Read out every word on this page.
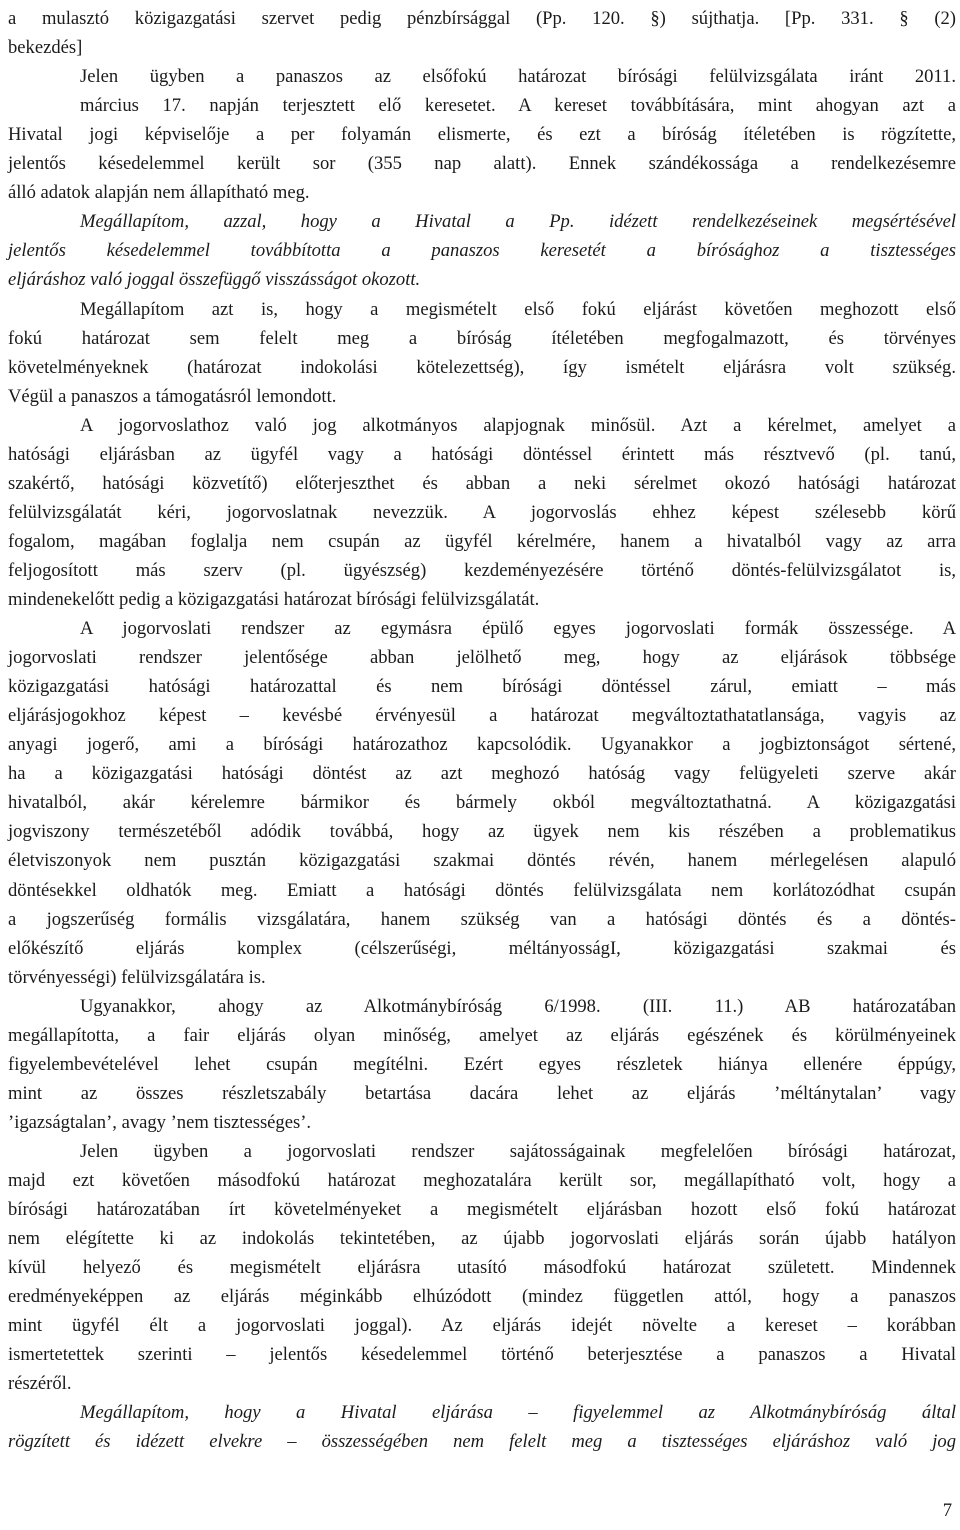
a mulasztó közigazgatási szervet pedig pénzbírsággal (Pp. 120. §) sújthatja. [Pp. 331. § (2)
bekezdés]
Jelen ügyben a panaszos az elsőfokú határozat bírósági felülvizsgálata iránt 2011.
március 17. napján terjesztett elő keresetet. A kereset továbbítására, mint ahogyan azt a
Hivatal jogi képviselője a per folyamán elismerte, és ezt a bíróság ítéletében is rögzítette,
jelentős késedelemmel került sor (355 nap alatt). Ennek szándékossága a rendelkezésemre
álló adatok alapján nem állapítható meg.
Megállapítom, azzal, hogy a Hivatal a Pp. idézett rendelkezéseinek megsértésével
jelentős késedelemmel továbbította a panaszos keresetét a bírósághoz a tisztességes
eljáráshoz való joggal összefüggő visszásságot okozott.
Megállapítom azt is, hogy a megismételt első fokú eljárást követően meghozott első
fokú határozat sem felelt meg a bíróság ítéletében megfogalmazott, és törvényes
követelményeknek (határozat indokolási kötelezettség), így ismételt eljárásra volt szükség.
Végül a panaszos a támogatásról lemondott.
A jogorvoslathoz való jog alkotmányos alapjognak minősül. Azt a kérelmet, amelyet a
hatósági eljárásban az ügyfél vagy a hatósági döntéssel érintett más résztvevő (pl. tanú,
szakértő, hatósági közvetítő) előterjeszthet és abban a neki sérelmet okozó hatósági határozat
felülvizsgálatát kéri, jogorvoslatnak nevezzük. A jogorvoslás ehhez képest szélesebb körű
fogalom, magában foglalja nem csupán az ügyfél kérelmére, hanem a hivatalból vagy az arra
feljogosított más szerv (pl. ügyészség) kezdeményezésére történő döntés-felülvizsgálatot is,
mindenekelőtt pedig a közigazgatási határozat bírósági felülvizsgálatát.
A jogorvoslati rendszer az egymásra épülő egyes jogorvoslati formák összessége. A
jogorvoslati rendszer jelentősége abban jelölhető meg, hogy az eljárások többsége
közigazgatási hatósági határozattal és nem bírósági döntéssel zárul, emiatt – más
eljárásjogokhoz képest – kevésbé érvényesül a határozat megváltoztathatatlansága, vagyis az
anyagi jogerő, ami a bírósági határozathoz kapcsolódik. Ugyanakkor a jogbiztonságot sértené,
ha a közigazgatási hatósági döntést az azt meghozó hatóság vagy felügyeleti szerve akár
hivatalból, akár kérelemre bármikor és bármely okból megváltoztathatná. A közigazgatási
jogviszony természetéből adódik továbbá, hogy az ügyek nem kis részében a problematikus
életviszonyok nem pusztán közigazgatási szakmai döntés révén, hanem mérlegelésen alapuló
döntésekkel oldhatók meg. Emiatt a hatósági döntés felülvizsgálata nem korlátozódhat csupán
a jogszerűség formális vizsgálatára, hanem szükség van a hatósági döntés és a döntés-
előkészítő eljárás komplex (célszerűségi, méltányosságI, közigazgatási szakmai és
törvényességi) felülvizsgálatára is.
Ugyanakkor, ahogy az Alkotmánybíróság 6/1998. (III. 11.) AB határozatában
megállapította, a fair eljárás olyan minőség, amelyet az eljárás egészének és körülményeinek
figyelembevételével lehet csupán megítélni. Ezért egyes részletek hiánya ellenére éppúgy,
mint az összes részletszabály betartása dacára lehet az eljárás ’méltánytalan’ vagy
’igazságtalan’, avagy ’nem tisztességes’.
Jelen ügyben a jogorvoslati rendszer sajátosságainak megfelelően bírósági határozat,
majd ezt követően másodfokú határozat meghozatalára került sor, megállapítható volt, hogy a
bírósági határozatában írt követelményeket a megismételt eljárásban hozott első fokú határozat
nem elégítette ki az indokolás tekintetében, az újabb jogorvoslati eljárás során újabb hatályon
kívül helyező és megismételt eljárásra utasító másodfokú határozat született. Mindennek
eredményeképpen az eljárás méginkább elhúzódott (mindez független attól, hogy a panaszos
mint ügyfél élt a jogorvoslati joggal). Az eljárás idejét növelte a kereset – korábban
ismertetettek szerinti – jelentős késedelemmel történő beterjesztése a panaszos a Hivatal
részéről.
Megállapítom, hogy a Hivatal eljárása – figyelemmel az Alkotmánybíróság által
rögzített és idézett elvekre – összességében nem felelt meg a tisztességes eljáráshoz való jog
7
